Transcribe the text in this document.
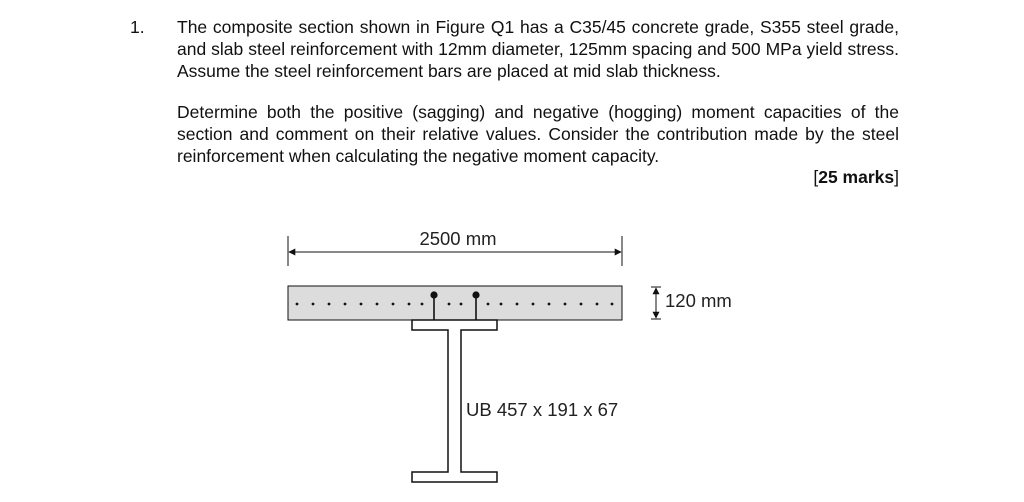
1. The composite section shown in Figure Q1 has a C35/45 concrete grade, S355 steel grade, and slab steel reinforcement with 12mm diameter, 125mm spacing and 500 MPa yield stress. Assume the steel reinforcement bars are placed at mid slab thickness.

Determine both the positive (sagging) and negative (hogging) moment capacities of the section and comment on their relative values. Consider the contribution made by the steel reinforcement when calculating the negative moment capacity.

[25 marks]
2500 mm
120 mm
UB 457 x 191 x 67
